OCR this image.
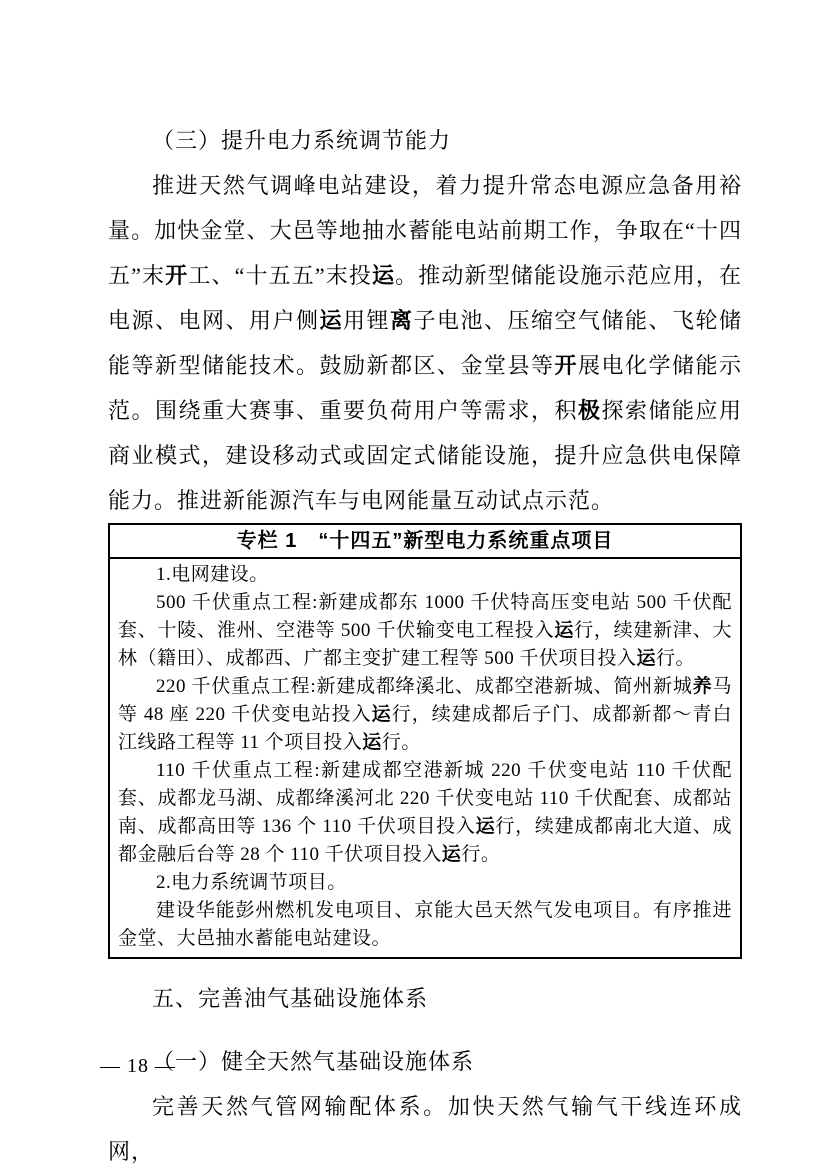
（三）提升电力系统调节能力

推进天然气调峰电站建设，着力提升常态电源应急备用裕量。加快金堂、大邑等地抽水蓄能电站前期工作，争取在“十四五”末开工、“十五五”末投运。推动新型储能设施示范应用，在电源、电网、用户侧运用锂离子电池、压缩空气储能、飞轮储能等新型储能技术。鼓励新都区、金堂县等开展电化学储能示范。围绕重大赛事、重要负荷用户等需求，积极探索储能应用商业模式，建设移动式或固定式储能设施，提升应急供电保障能力。推进新能源汽车与电网能量互动试点示范。

专栏 1　“十四五”新型电力系统重点项目

1.电网建设。

500 千伏重点工程:新建成都东 1000 千伏特高压变电站 500 千伏配套、十陵、淮州、空港等 500 千伏输变电工程投入运行，续建新津、大林（籍田）、成都西、广都主变扩建工程等 500 千伏项目投入运行。

220 千伏重点工程:新建成都绛溪北、成都空港新城、简州新城养马等 48 座 220 千伏变电站投入运行，续建成都后子门、成都新都～青白江线路工程等 11 个项目投入运行。

110 千伏重点工程:新建成都空港新城 220 千伏变电站 110 千伏配套、成都龙马湖、成都绛溪河北 220 千伏变电站 110 千伏配套、成都站南、成都高田等 136 个 110 千伏项目投入运行，续建成都南北大道、成都金融后台等 28 个 110 千伏项目投入运行。

2.电力系统调节项目。

建设华能彭州燃机发电项目、京能大邑天然气发电项目。有序推进金堂、大邑抽水蓄能电站建设。

五、完善油气基础设施体系
（一）健全天然气基础设施体系

完善天然气管网输配体系。加快天然气输气干线连环成网，

— 18 —
